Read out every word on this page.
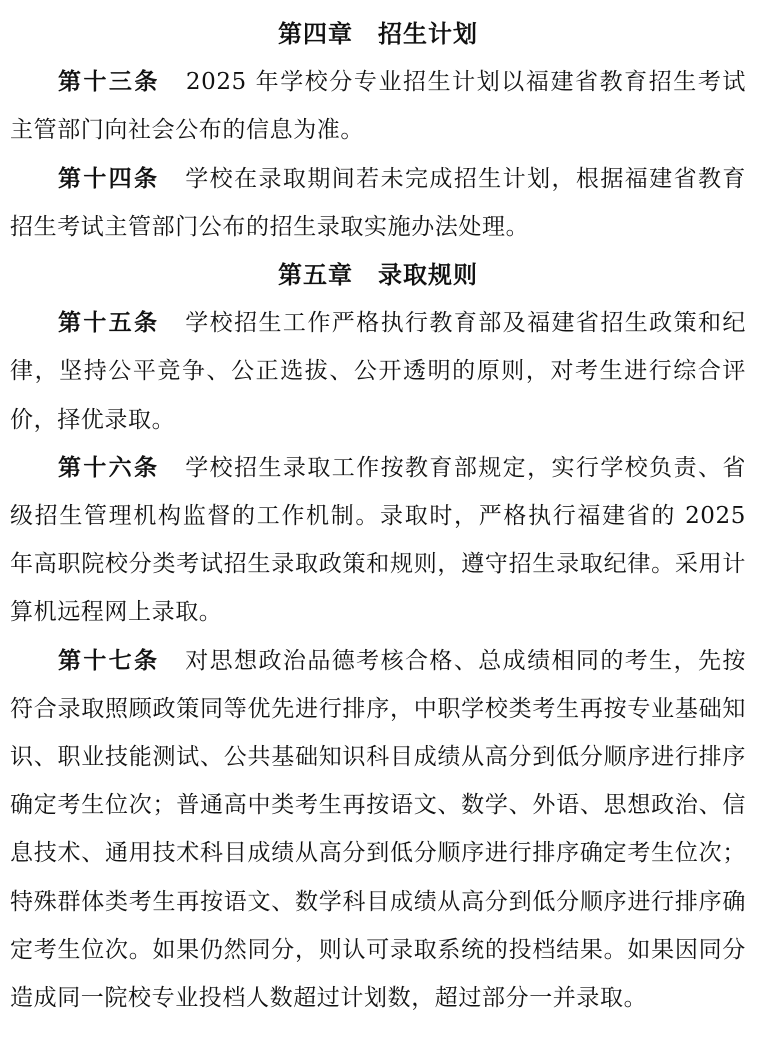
第四章　招生计划

第十三条 2025 年学校分专业招生计划以福建省教育招生考试主管部门向社会公布的信息为准。

第十四条 学校在录取期间若未完成招生计划，根据福建省教育招生考试主管部门公布的招生录取实施办法处理。

第五章　录取规则

第十五条 学校招生工作严格执行教育部及福建省招生政策和纪律，坚持公平竞争、公正选拔、公开透明的原则，对考生进行综合评价，择优录取。

第十六条 学校招生录取工作按教育部规定，实行学校负责、省级招生管理机构监督的工作机制。录取时，严格执行福建省的 2025 年高职院校分类考试招生录取政策和规则，遵守招生录取纪律。采用计算机远程网上录取。

第十七条 对思想政治品德考核合格、总成绩相同的考生，先按符合录取照顾政策同等优先进行排序，中职学校类考生再按专业基础知识、职业技能测试、公共基础知识科目成绩从高分到低分顺序进行排序确定考生位次；普通高中类考生再按语文、数学、外语、思想政治、信息技术、通用技术科目成绩从高分到低分顺序进行排序确定考生位次；特殊群体类考生再按语文、数学科目成绩从高分到低分顺序进行排序确定考生位次。如果仍然同分，则认可录取系统的投档结果。如果因同分造成同一院校专业投档人数超过计划数，超过部分一并录取。
